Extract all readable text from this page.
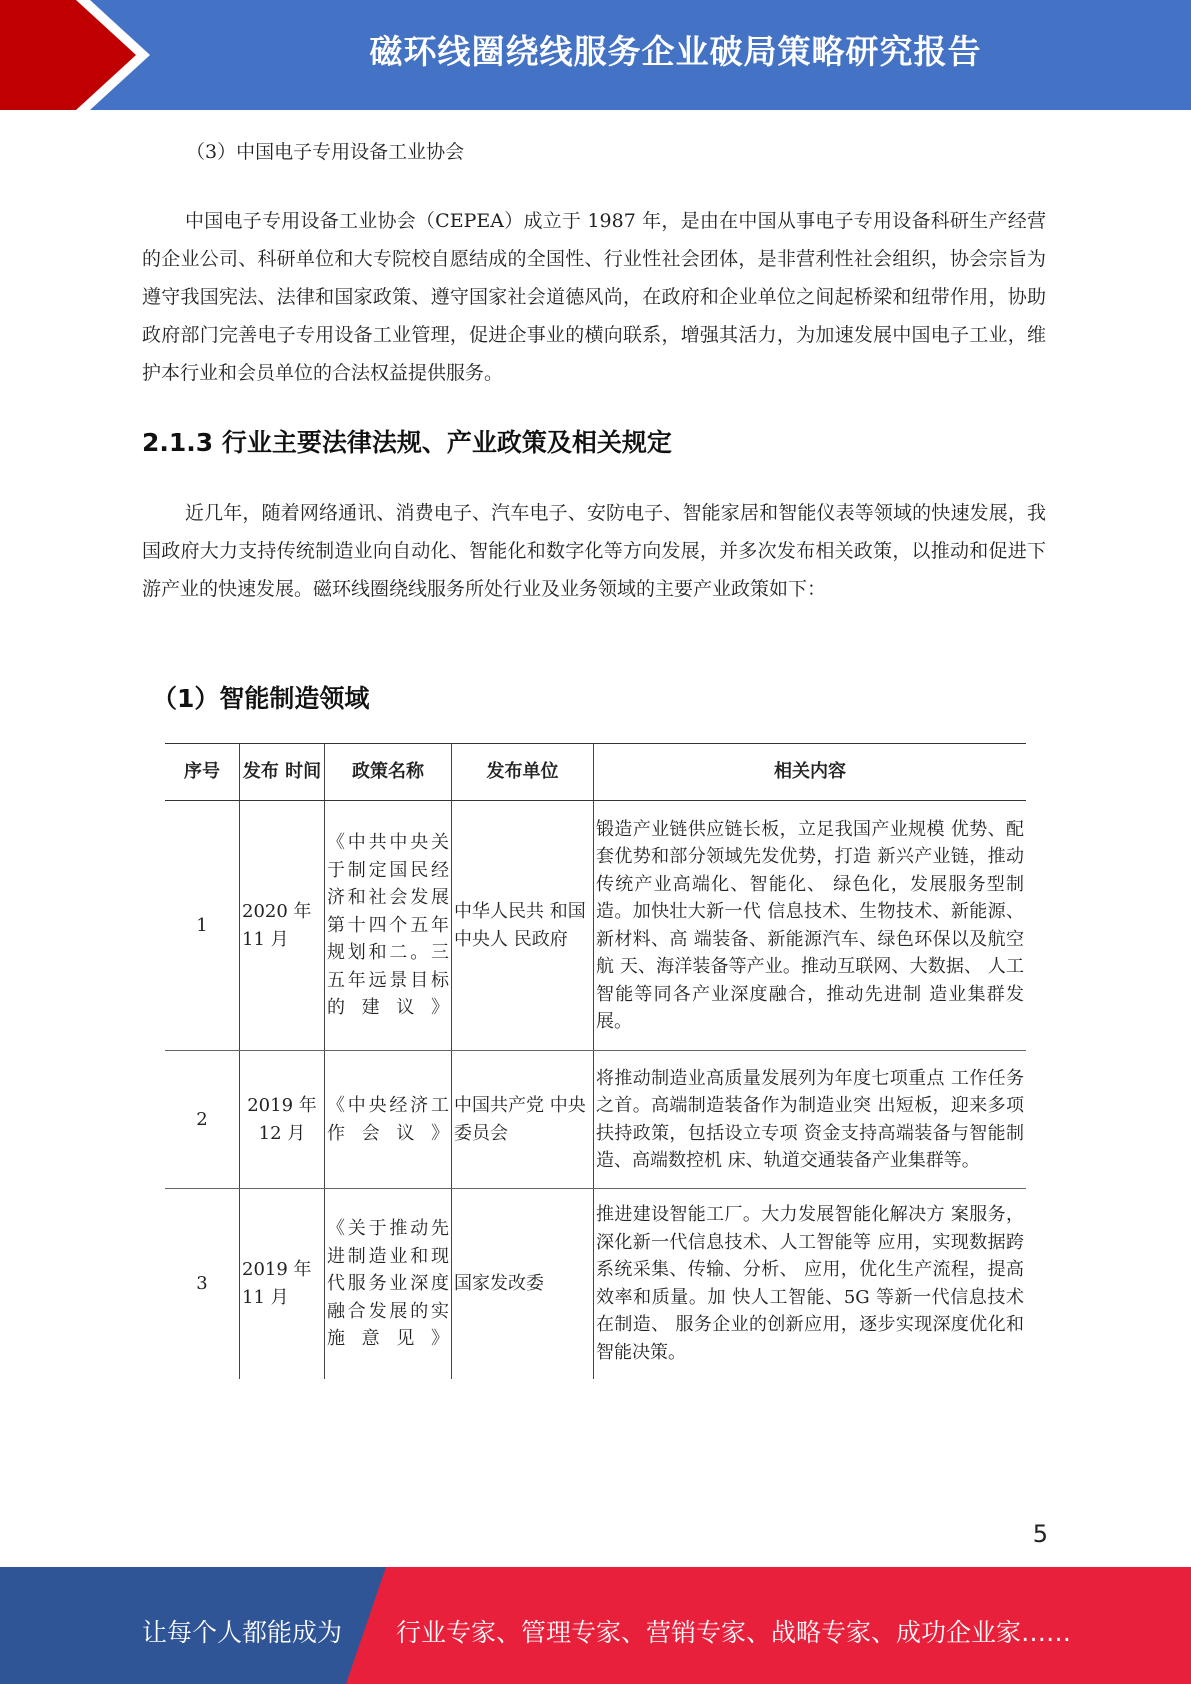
磁环线圈绕线服务企业破局策略研究报告

（3）中国电子专用设备工业协会

中国电子专用设备工业协会（CEPEA）成立于 1987 年，是由在中国从事电子专用设备科研生产经营的企业公司、科研单位和大专院校自愿结成的全国性、行业性社会团体，是非营利性社会组织，协会宗旨为遵守我国宪法、法律和国家政策、遵守国家社会道德风尚，在政府和企业单位之间起桥梁和纽带作用，协助政府部门完善电子专用设备工业管理，促进企事业的横向联系，增强其活力，为加速发展中国电子工业，维护本行业和会员单位的合法权益提供服务。

2.1.3 行业主要法律法规、产业政策及相关规定

近几年，随着网络通讯、消费电子、汽车电子、安防电子、智能家居和智能仪表等领域的快速发展，我国政府大力支持传统制造业向自动化、智能化和数字化等方向发展，并多次发布相关政策，以推动和促进下游产业的快速发展。磁环线圈绕线服务所处行业及业务领域的主要产业政策如下：

（1）智能制造领域
序号	发布 时间	政策名称	发布单位	相关内容
1	2020 年 11 月	《中共中央关于制定国民经济和社会发展第十四个五年规划和二。三五年远景目标的建议》	中华人民共 和国中央人 民政府	锻造产业链供应链长板，立足我国产业规模 优势、配套优势和部分领域先发优势，打造 新兴产业链，推动传统产业高端化、智能化、 绿色化，发展服务型制造。加快壮大新一代 信息技术、生物技术、新能源、新材料、高 端装备、新能源汽车、绿色环保以及航空航 天、海洋装备等产业。推动互联网、大数据、 人工智能等同各产业深度融合，推动先进制 造业集群发展。
2	2019 年 12 月	《中央经济工作会议》	中国共产党 中央委员会	将推动制造业高质量发展列为年度七项重点 工作任务之首。高端制造装备作为制造业突 出短板，迎来多项扶持政策，包括设立专项 资金支持高端装备与智能制造、高端数控机 床、轨道交通装备产业集群等。
3	2019 年 11 月	《关于推动先进制造业和现代服务业深度融合发展的实施意见》	国家发改委	推进建设智能工厂。大力发展智能化解决方 案服务，深化新一代信息技术、人工智能等 应用，实现数据跨系统采集、传输、分析、 应用，优化生产流程，提高效率和质量。加 快人工智能、5G 等新一代信息技术在制造、 服务企业的创新应用，逐步实现深度优化和 智能决策。
5
让每个人都能成为 行业专家、管理专家、营销专家、战略专家、成功企业家……
